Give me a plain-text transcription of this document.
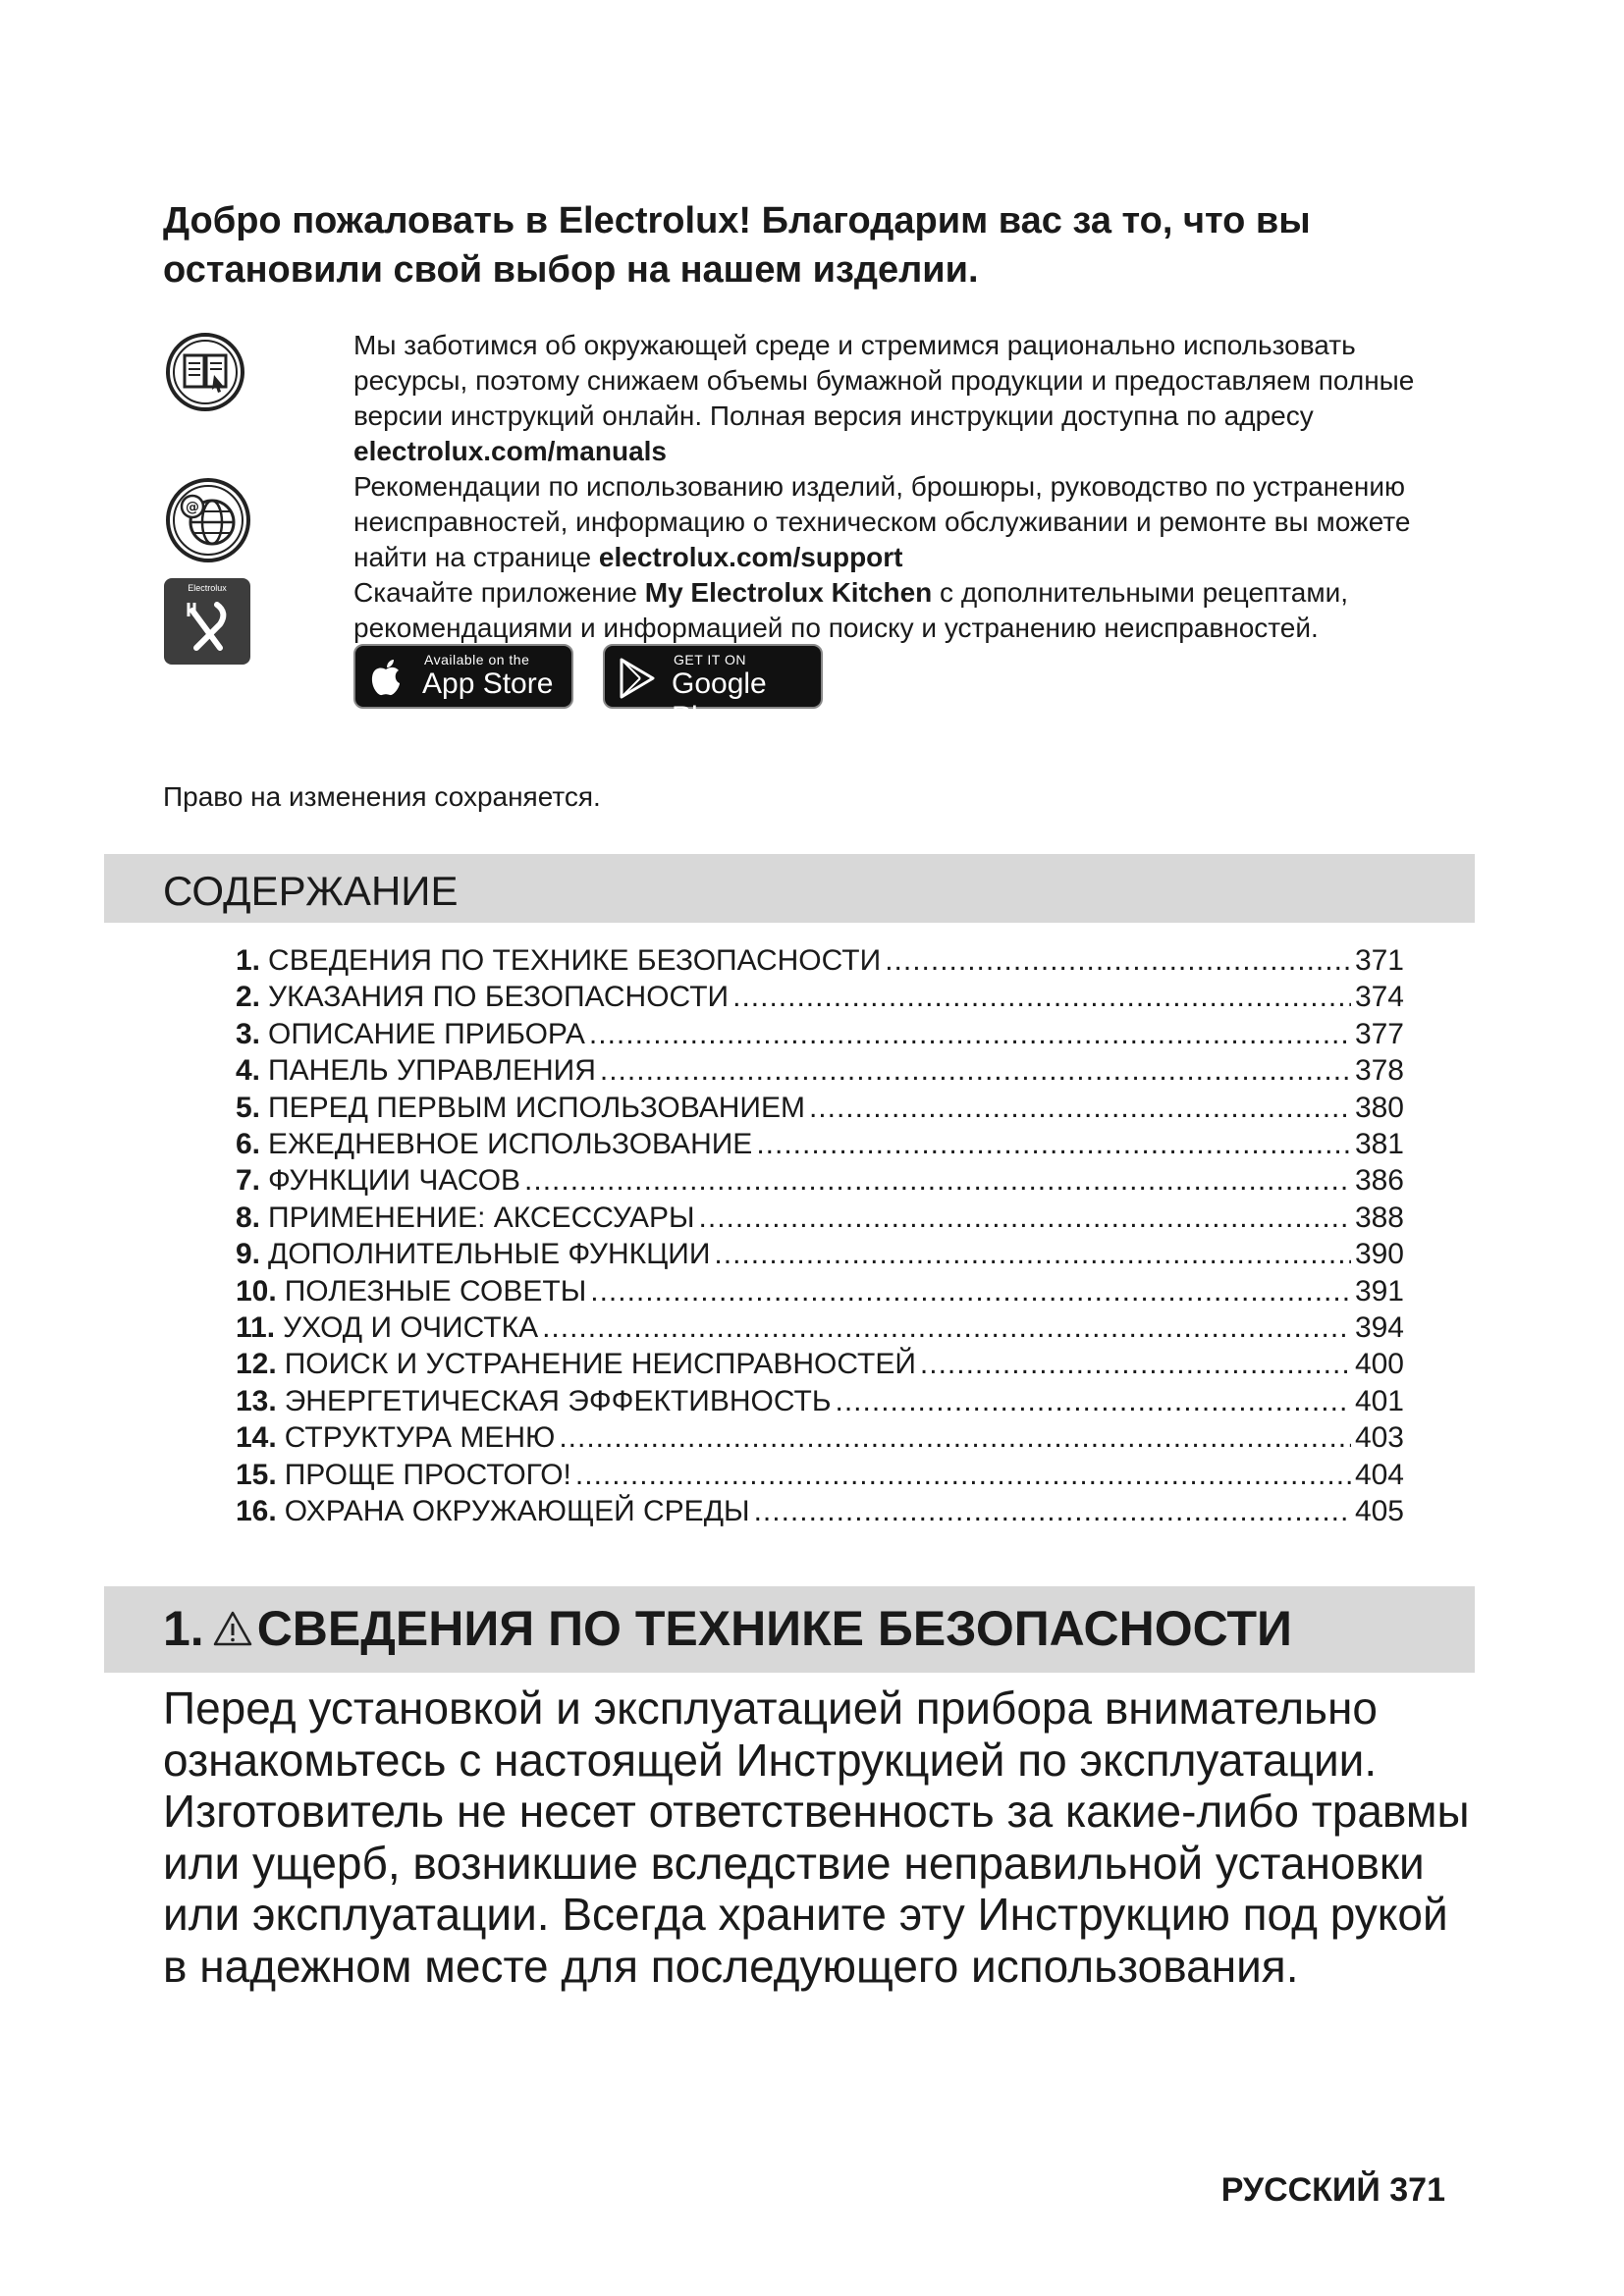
Добро пожаловать в Electrolux! Благодарим вас за то, что вы остановили свой выбор на нашем изделии.
@
Electrolux

Мы заботимся об окружающей среде и стремимся рационально использовать ресурсы, поэтому снижаем объемы бумажной продукции и предоставляем полные версии инструкций онлайн. Полная версия инструкции доступна по адресу electrolux.com/manuals

Рекомендации по использованию изделий, брошюры, руководство по устранению неисправностей, информацию о техническом обслуживании и ремонте вы можете найти на странице electrolux.com/support

Скачайте приложение My Electrolux Kitchen с дополнительными рецептами, рекомендациями и информацией по поиску и устранению неисправностей.

Available on the
App Store
GET IT ON
Google Play

Право на изменения сохраняется.

СОДЕРЖАНИЕ
1. СВЕДЕНИЯ ПО ТЕХНИКЕ БЕЗОПАСНОСТИ .....	371
2. УКАЗАНИЯ ПО БЕЗОПАСНОСТИ .....	374
3. ОПИСАНИЕ ПРИБОРА .....	377
4. ПАНЕЛЬ УПРАВЛЕНИЯ .....	378
5. ПЕРЕД ПЕРВЫМ ИСПОЛЬЗОВАНИЕМ .....	380
6. ЕЖЕДНЕВНОЕ ИСПОЛЬЗОВАНИЕ .....	381
7. ФУНКЦИИ ЧАСОВ .....	386
8. ПРИМЕНЕНИЕ: АКСЕССУАРЫ .....	388
9. ДОПОЛНИТЕЛЬНЫЕ ФУНКЦИИ .....	390
10. ПОЛЕЗНЫЕ СОВЕТЫ .....	391
11. УХОД И ОЧИСТКА .....	394
12. ПОИСК И УСТРАНЕНИЕ НЕИСПРАВНОСТЕЙ .....	400
13. ЭНЕРГЕТИЧЕСКАЯ ЭФФЕКТИВНОСТЬ .....	401
14. СТРУКТУРА МЕНЮ .....	403
15. ПРОЩЕ ПРОСТОГО! .....	404
16. ОХРАНА ОКРУЖАЮЩЕЙ СРЕДЫ .....	405
1. СВЕДЕНИЯ ПО ТЕХНИКЕ БЕЗОПАСНОСТИ

Перед установкой и эксплуатацией прибора внимательно ознакомьтесь с настоящей Инструкцией по эксплуатации. Изготовитель не несет ответственность за какие-либо травмы или ущерб, возникшие вследствие неправильной установки или эксплуатации. Всегда храните эту Инструкцию под рукой в надежном месте для последующего использования.

РУССКИЙ 371
